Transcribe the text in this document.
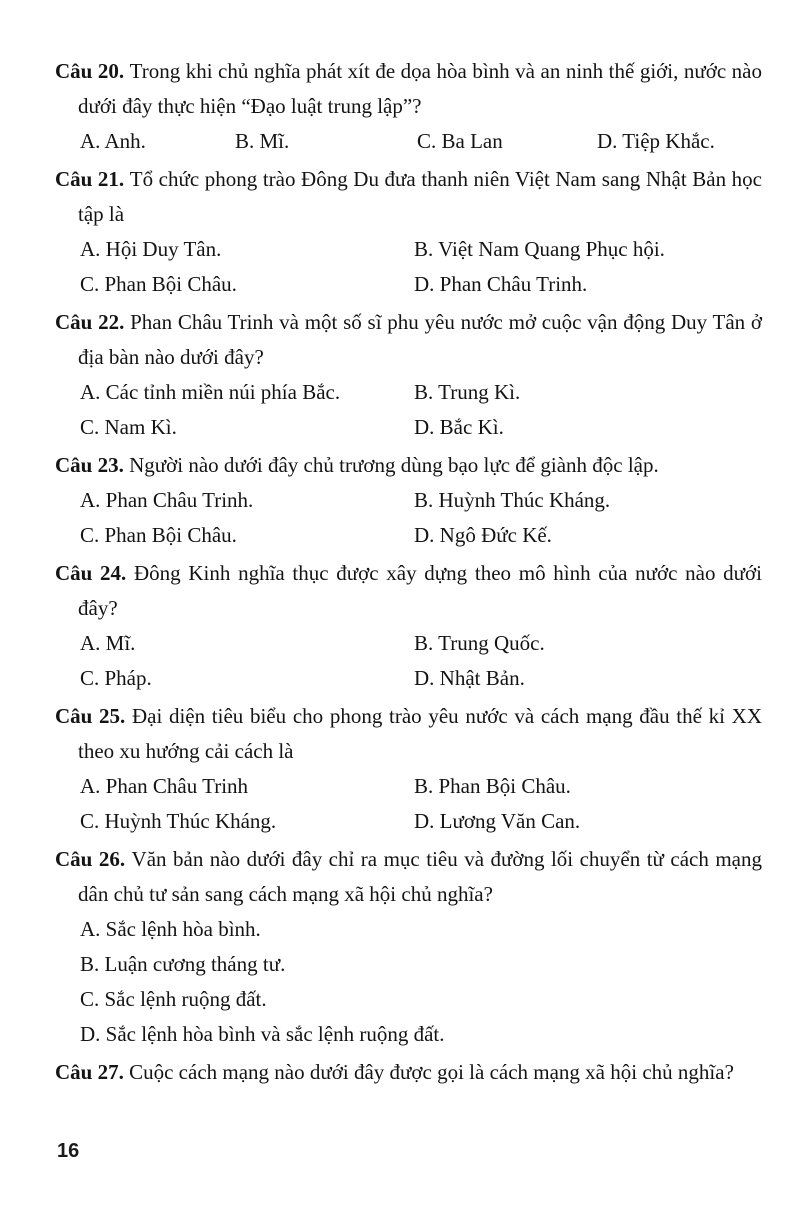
Câu 20. Trong khi chủ nghĩa phát xít đe dọa hòa bình và an ninh thế giới, nước nào dưới đây thực hiện “Đạo luật trung lập”?

A. Anh.	B. Mĩ.	C. Ba Lan	D. Tiệp Khắc.

Câu 21. Tổ chức phong trào Đông Du đưa thanh niên Việt Nam sang Nhật Bản học tập là

A. Hội Duy Tân.	B. Việt Nam Quang Phục hội.
C. Phan Bội Châu.	D. Phan Châu Trinh.

Câu 22. Phan Châu Trinh và một số sĩ phu yêu nước mở cuộc vận động Duy Tân ở địa bàn nào dưới đây?

A. Các tỉnh miền núi phía Bắc.	B. Trung Kì.
C. Nam Kì.	D. Bắc Kì.

Câu 23. Người nào dưới đây chủ trương dùng bạo lực để giành độc lập.

A. Phan Châu Trinh.	B. Huỳnh Thúc Kháng.
C. Phan Bội Châu.	D. Ngô Đức Kế.

Câu 24. Đông Kinh nghĩa thục được xây dựng theo mô hình của nước nào dưới đây?

A. Mĩ.	B. Trung Quốc.
C. Pháp.	D. Nhật Bản.

Câu 25. Đại diện tiêu biểu cho phong trào yêu nước và cách mạng đầu thế kỉ XX theo xu hướng cải cách là

A. Phan Châu Trinh	B. Phan Bội Châu.
C. Huỳnh Thúc Kháng.	D. Lương Văn Can.

Câu 26. Văn bản nào dưới đây chỉ ra mục tiêu và đường lối chuyển từ cách mạng dân chủ tư sản sang cách mạng xã hội chủ nghĩa?

A. Sắc lệnh hòa bình.
B. Luận cương tháng tư.
C. Sắc lệnh ruộng đất.
D. Sắc lệnh hòa bình và sắc lệnh ruộng đất.

Câu 27. Cuộc cách mạng nào dưới đây được gọi là cách mạng xã hội chủ nghĩa?

16
